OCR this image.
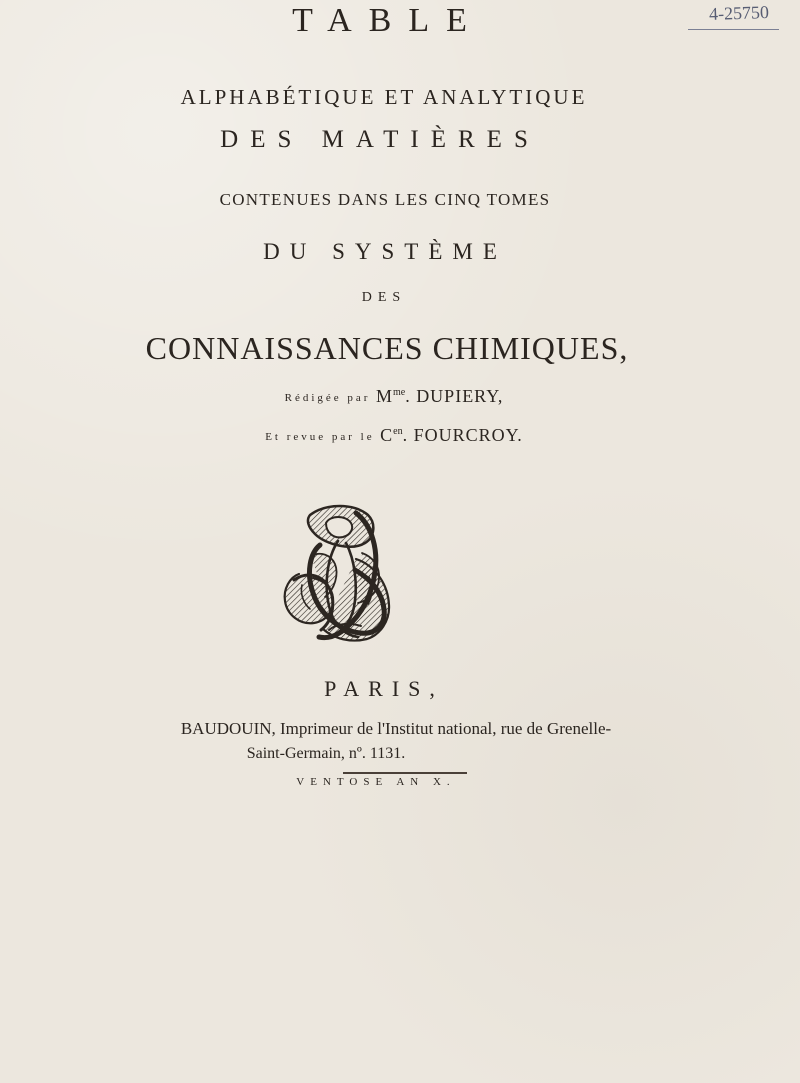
4-25750
TABLE
ALPHABÉTIQUE ET ANALYTIQUE
DES MATIÈRES
CONTENUES DANS LES CINQ TOMES
DU SYSTÈME
DES
CONNAISSANCES CHIMIQUES,
Rédigée par $M^{me}$. DUPIERY,
Et revue par le $C^{en}$. FOURCROY.
PARIS,
BAUDOUIN, Imprimeur de l'Institut national, rue de Grenelle-
Saint-Germain, nº. 1131.
VENTOSE AN X.
